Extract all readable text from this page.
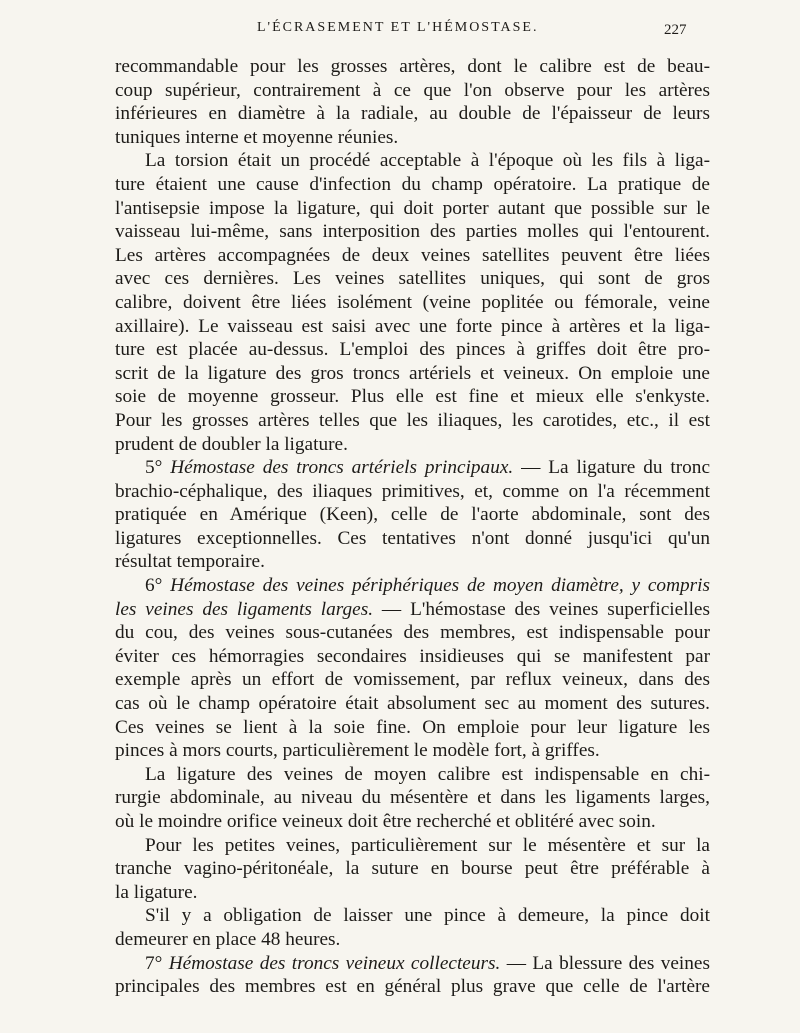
L'ÉCRASEMENT ET L'HÉMOSTASE.	227
recommandable pour les grosses artères, dont le calibre est de beau-
coup supérieur, contrairement à ce que l'on observe pour les artères
inférieures en diamètre à la radiale, au double de l'épaisseur de leurs
tuniques interne et moyenne réunies.
La torsion était un procédé acceptable à l'époque où les fils à liga-
ture étaient une cause d'infection du champ opératoire. La pratique de
l'antisepsie impose la ligature, qui doit porter autant que possible sur le
vaisseau lui-même, sans interposition des parties molles qui l'entourent.
Les artères accompagnées de deux veines satellites peuvent être liées
avec ces dernières. Les veines satellites uniques, qui sont de gros
calibre, doivent être liées isolément (veine poplitée ou fémorale, veine
axillaire). Le vaisseau est saisi avec une forte pince à artères et la liga-
ture est placée au-dessus. L'emploi des pinces à griffes doit être pro-
scrit de la ligature des gros troncs artériels et veineux. On emploie une
soie de moyenne grosseur. Plus elle est fine et mieux elle s'enkyste.
Pour les grosses artères telles que les iliaques, les carotides, etc., il est
prudent de doubler la ligature.
5° Hémostase des troncs artériels principaux. — La ligature du tronc
brachio-céphalique, des iliaques primitives, et, comme on l'a récemment
pratiquée en Amérique (Keen), celle de l'aorte abdominale, sont des
ligatures exceptionnelles. Ces tentatives n'ont donné jusqu'ici qu'un
résultat temporaire.
6° Hémostase des veines périphériques de moyen diamètre, y compris
les veines des ligaments larges. — L'hémostase des veines superficielles
du cou, des veines sous-cutanées des membres, est indispensable pour
éviter ces hémorragies secondaires insidieuses qui se manifestent par
exemple après un effort de vomissement, par reflux veineux, dans des
cas où le champ opératoire était absolument sec au moment des sutures.
Ces veines se lient à la soie fine. On emploie pour leur ligature les
pinces à mors courts, particulièrement le modèle fort, à griffes.
La ligature des veines de moyen calibre est indispensable en chi-
rurgie abdominale, au niveau du mésentère et dans les ligaments larges,
où le moindre orifice veineux doit être recherché et oblitéré avec soin.
Pour les petites veines, particulièrement sur le mésentère et sur la
tranche vagino-péritonéale, la suture en bourse peut être préférable à
la ligature.
S'il y a obligation de laisser une pince à demeure, la pince doit
demeurer en place 48 heures.
7° Hémostase des troncs veineux collecteurs. — La blessure des veines
principales des membres est en général plus grave que celle de l'artère
